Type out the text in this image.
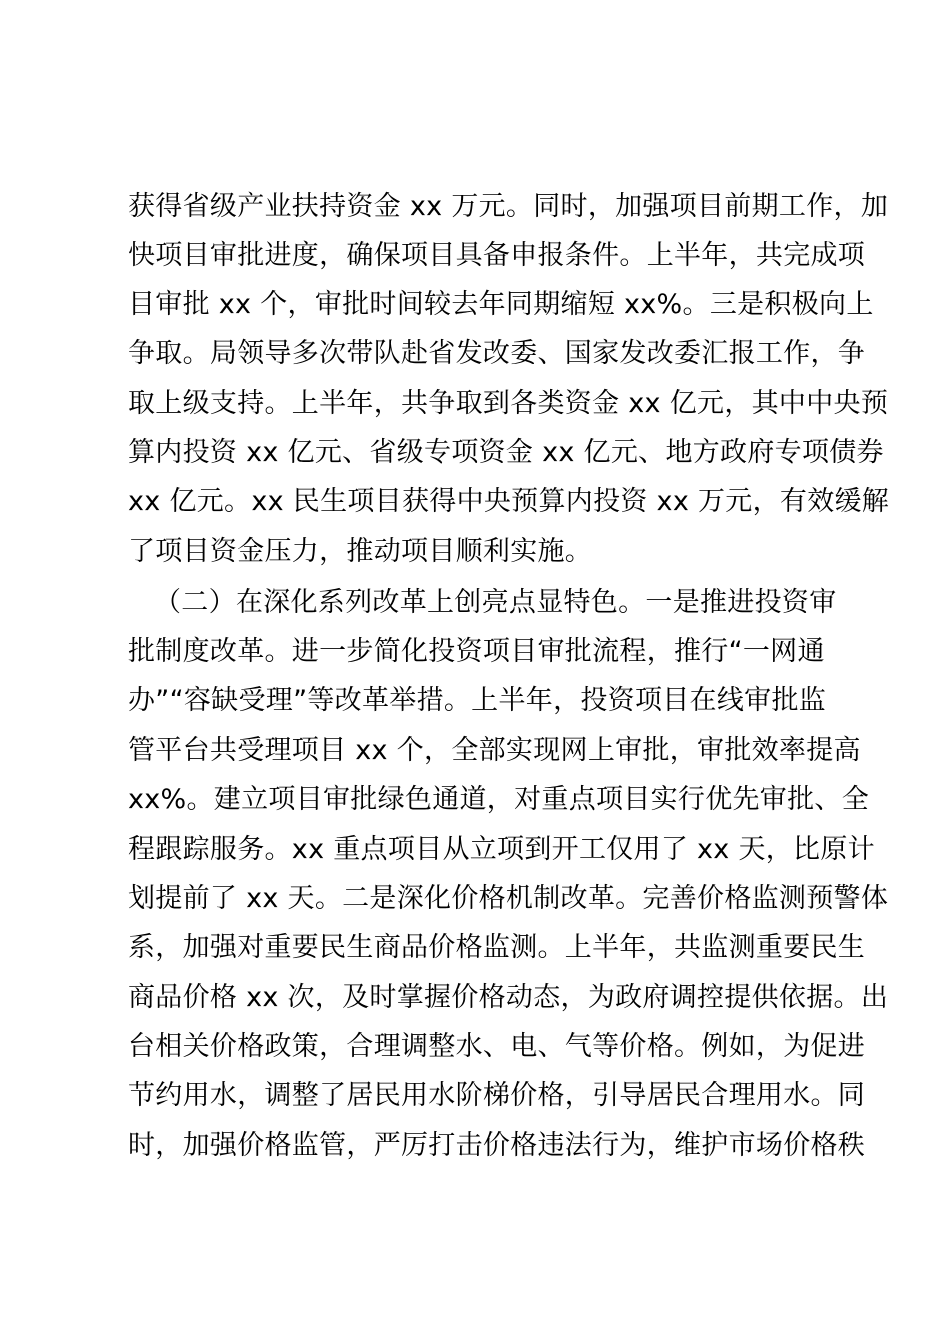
获得省级产业扶持资金 xx 万元。同时，加强项目前期工作，加
快项目审批进度，确保项目具备申报条件。上半年，共完成项
目审批 xx 个，审批时间较去年同期缩短 xx%。三是积极向上
争取。局领导多次带队赴省发改委、国家发改委汇报工作，争
取上级支持。上半年，共争取到各类资金 xx 亿元，其中中央预
算内投资 xx 亿元、省级专项资金 xx 亿元、地方政府专项债券
xx 亿元。xx 民生项目获得中央预算内投资 xx 万元，有效缓解
了项目资金压力，推动项目顺利实施。
（二）在深化系列改革上创亮点显特色。一是推进投资审
批制度改革。进一步简化投资项目审批流程，推行“一网通
办”“容缺受理”等改革举措。上半年，投资项目在线审批监
管平台共受理项目 xx 个，全部实现网上审批，审批效率提高
xx%。建立项目审批绿色通道，对重点项目实行优先审批、全
程跟踪服务。xx 重点项目从立项到开工仅用了 xx 天，比原计
划提前了 xx 天。二是深化价格机制改革。完善价格监测预警体
系，加强对重要民生商品价格监测。上半年，共监测重要民生
商品价格 xx 次，及时掌握价格动态，为政府调控提供依据。出
台相关价格政策，合理调整水、电、气等价格。例如，为促进
节约用水，调整了居民用水阶梯价格，引导居民合理用水。同
时，加强价格监管，严厉打击价格违法行为，维护市场价格秩
